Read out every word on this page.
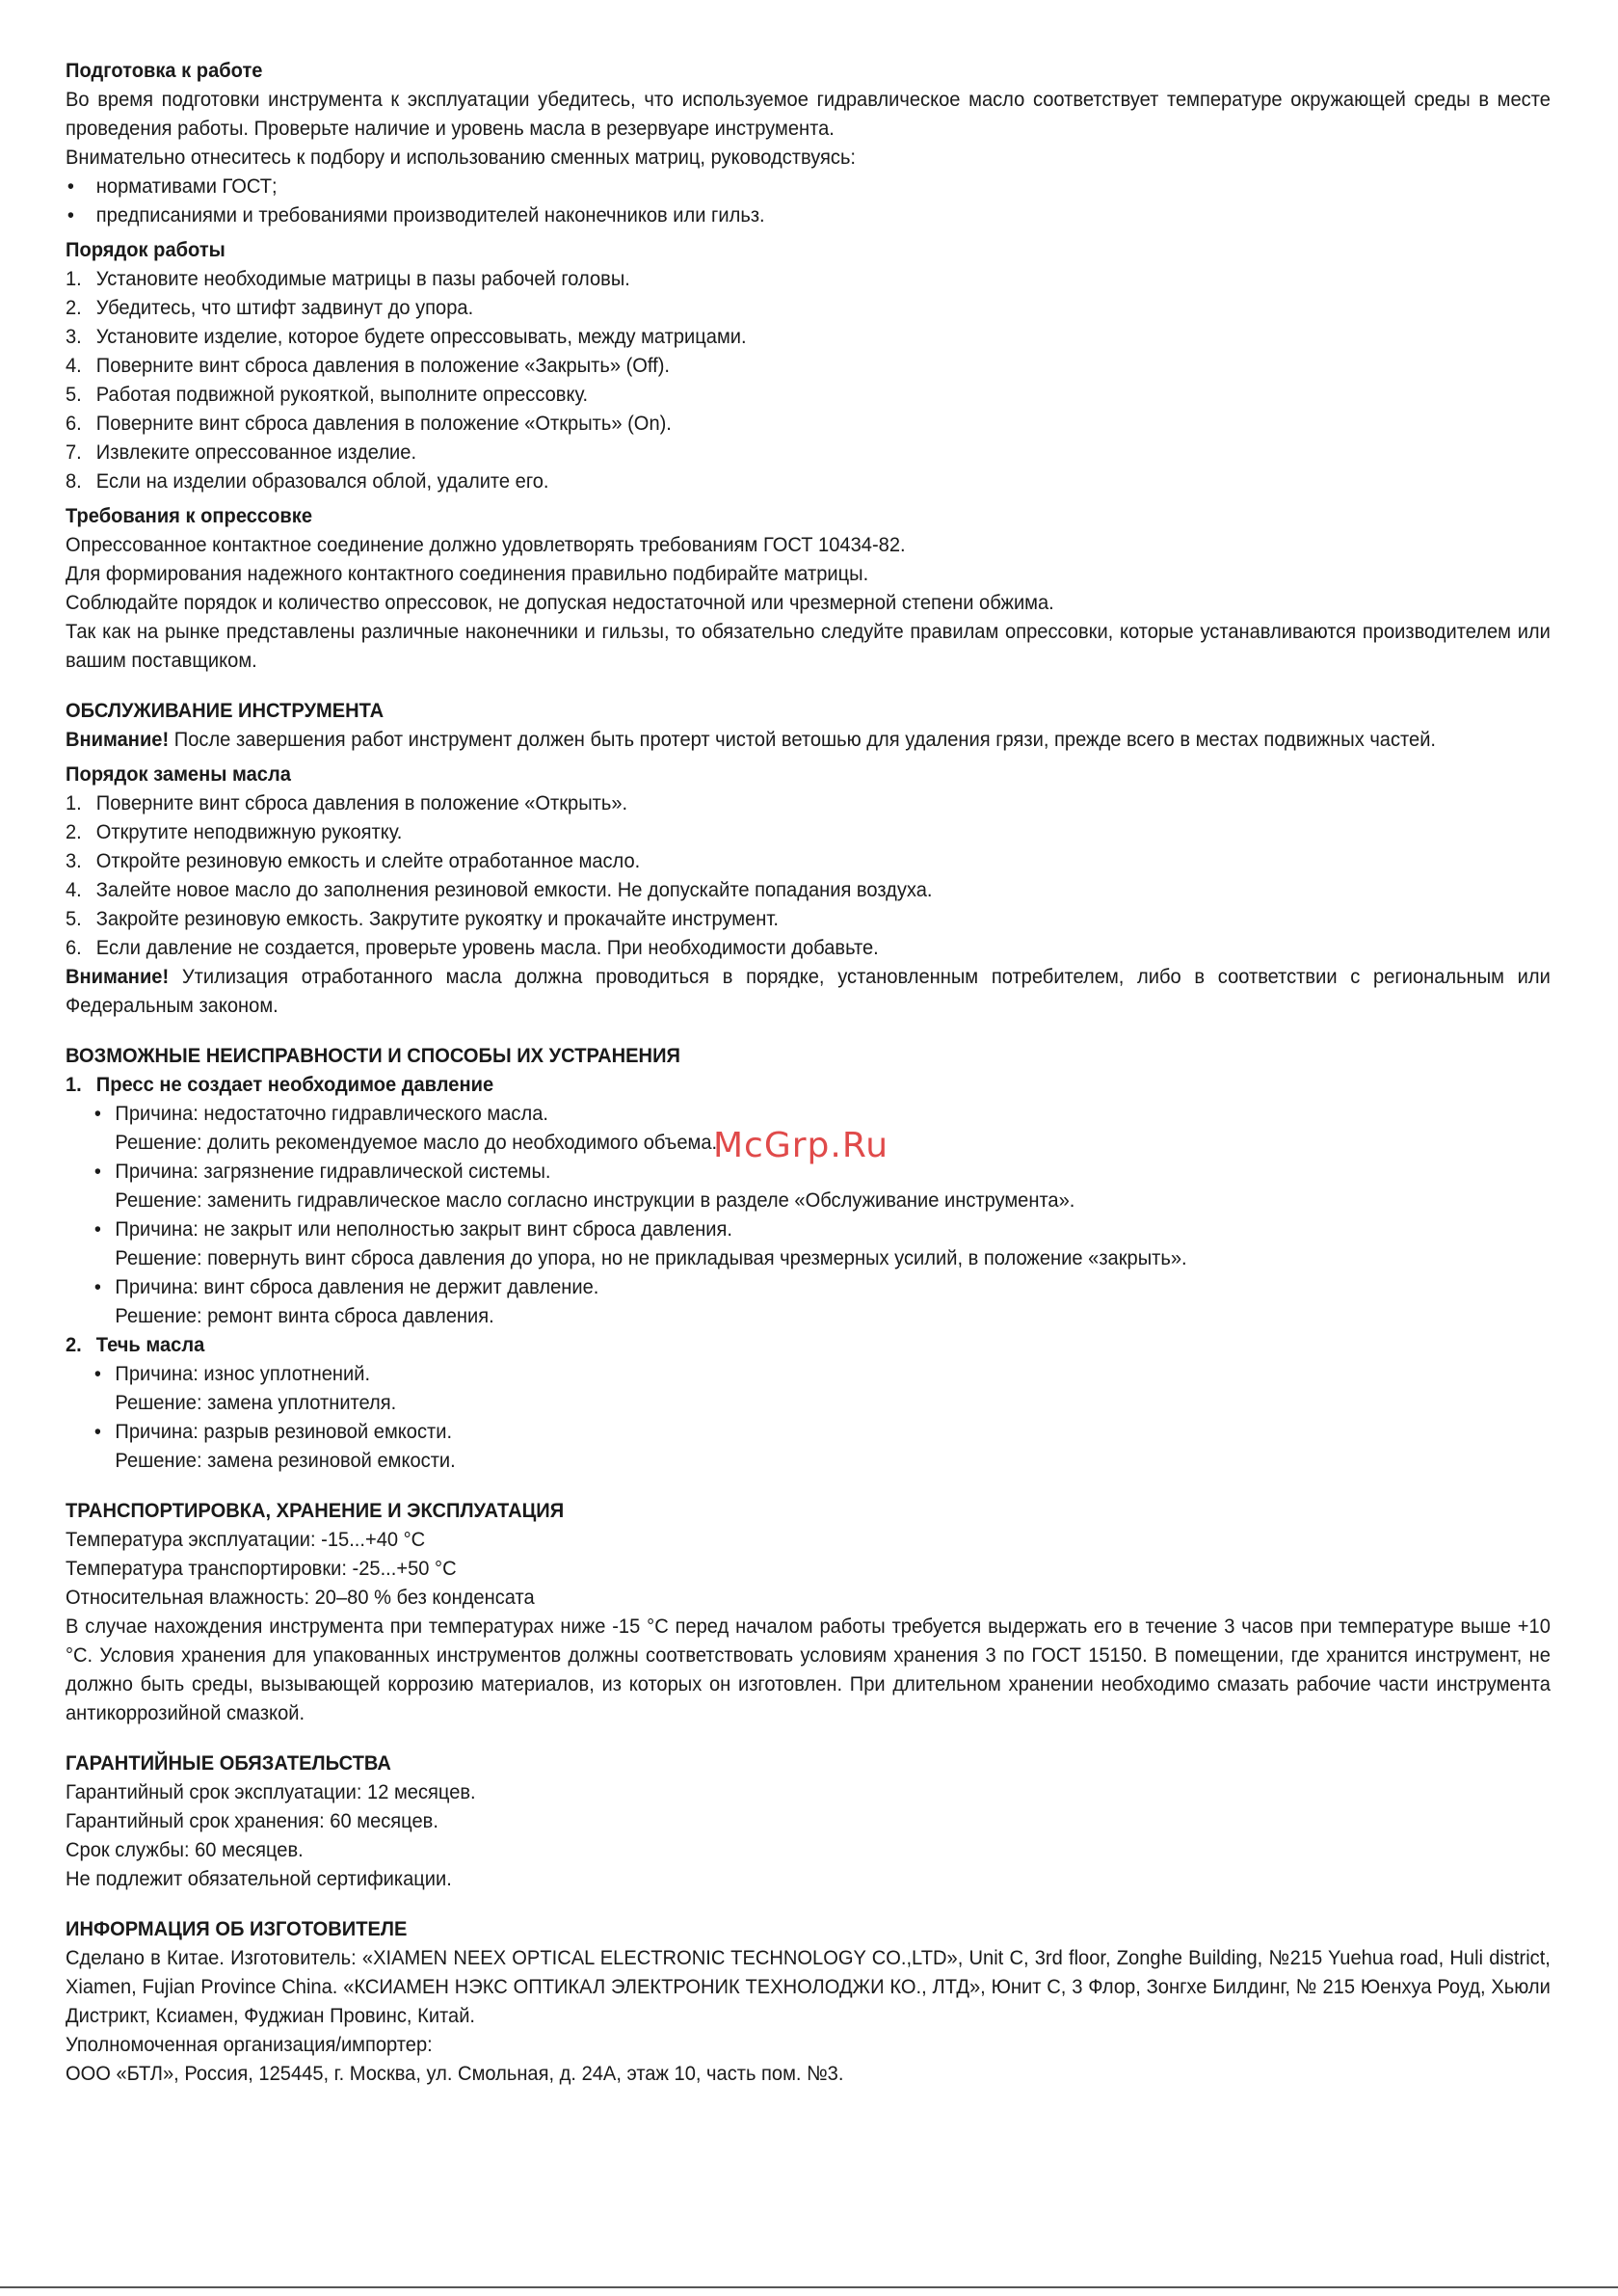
Подготовка к работе

Во время подготовки инструмента к эксплуатации убедитесь, что используемое гидравлическое масло соответствует температуре окружающей среды в месте проведения работы. Проверьте наличие и уровень масла в резервуаре инструмента.

Внимательно отнеситесь к подбору и использованию сменных матриц, руководствуясь:

• нормативами ГОСТ;
• предписаниями и требованиями производителей наконечников или гильз.

Порядок работы

1. Установите необходимые матрицы в пазы рабочей головы.
2. Убедитесь, что штифт задвинут до упора.
3. Установите изделие, которое будете опрессовывать, между матрицами.
4. Поверните винт сброса давления в положение «Закрыть» (Off).
5. Работая подвижной рукояткой, выполните опрессовку.
6. Поверните винт сброса давления в положение «Открыть» (On).
7. Извлеките опрессованное изделие.
8. Если на изделии образовался облой, удалите его.

Требования к опрессовке

Опрессованное контактное соединение должно удовлетворять требованиям ГОСТ 10434-82.

Для формирования надежного контактного соединения правильно подбирайте матрицы.

Соблюдайте порядок и количество опрессовок, не допуская недостаточной или чрезмерной степени обжима.

Так как на рынке представлены различные наконечники и гильзы, то обязательно следуйте правилам опрессовки, которые устанавливаются производителем или вашим поставщиком.

ОБСЛУЖИВАНИЕ ИНСТРУМЕНТА

Внимание! После завершения работ инструмент должен быть протерт чистой ветошью для удаления грязи, прежде всего в местах подвижных частей.

Порядок замены масла

1. Поверните винт сброса давления в положение «Открыть».
2. Открутите неподвижную рукоятку.
3. Откройте резиновую емкость и слейте отработанное масло.
4. Залейте новое масло до заполнения резиновой емкости. Не допускайте попадания воздуха.
5. Закройте резиновую емкость. Закрутите рукоятку и прокачайте инструмент.
6. Если давление не создается, проверьте уровень масла. При необходимости добавьте.

Внимание! Утилизация отработанного масла должна проводиться в порядке, установленным потребителем, либо в соответствии с региональным или Федеральным законом.

ВОЗМОЖНЫЕ НЕИСПРАВНОСТИ И СПОСОБЫ ИХ УСТРАНЕНИЯ

1. Пресс не создает необходимое давление
• Причина: недостаточно гидравлического масла.
Решение: долить рекомендуемое масло до необходимого объема.
• Причина: загрязнение гидравлической системы.
Решение: заменить гидравлическое масло согласно инструкции в разделе «Обслуживание инструмента».
• Причина: не закрыт или неполностью закрыт винт сброса давления.
Решение: повернуть винт сброса давления до упора, но не прикладывая чрезмерных усилий, в положение «закрыть».
• Причина: винт сброса давления не держит давление.
Решение: ремонт винта сброса давления.
2. Течь масла
• Причина: износ уплотнений.
Решение: замена уплотнителя.
• Причина: разрыв резиновой емкости.
Решение: замена резиновой емкости.

ТРАНСПОРТИРОВКА, ХРАНЕНИЕ И ЭКСПЛУАТАЦИЯ

Температура эксплуатации: -15...+40 °С

Температура транспортировки: -25...+50 °С

Относительная влажность: 20–80 % без конденсата

В случае нахождения инструмента при температурах ниже -15 °С перед началом работы требуется выдержать его в течение 3 часов при температуре выше +10 °С. Условия хранения для упакованных инструментов должны соответствовать условиям хранения 3 по ГОСТ 15150. В помещении, где хранится инструмент, не должно быть среды, вызывающей коррозию материалов, из которых он изготовлен. При длительном хранении необходимо смазать рабочие части инструмента антикоррозийной смазкой.

ГАРАНТИЙНЫЕ ОБЯЗАТЕЛЬСТВА

Гарантийный срок эксплуатации: 12 месяцев.

Гарантийный срок хранения: 60 месяцев.

Срок службы: 60 месяцев.

Не подлежит обязательной сертификации.

ИНФОРМАЦИЯ ОБ ИЗГОТОВИТЕЛЕ

Сделано в Китае. Изготовитель: «XIAMEN NEEX OPTICAL ELECTRONIC TECHNOLOGY CO.,LTD», Unit C, 3rd floor, Zonghe Building, №215 Yuehua road, Huli district, Xiamen, Fujian Province China. «КСИАМЕН НЭКС ОПТИКАЛ ЭЛЕКТРОНИК ТЕХНОЛОДЖИ КО., ЛТД», Юнит С, 3 Флор, Зонгхе Билдинг, № 215 Юенхуа Роуд, Хьюли Дистрикт, Ксиамен, Фуджиан Провинс, Китай.

Уполномоченная организация/импортер:

ООО «БТЛ», Россия, 125445, г. Москва, ул. Смольная, д. 24А, этаж 10, часть пом. №3.

McGrp.Ru
